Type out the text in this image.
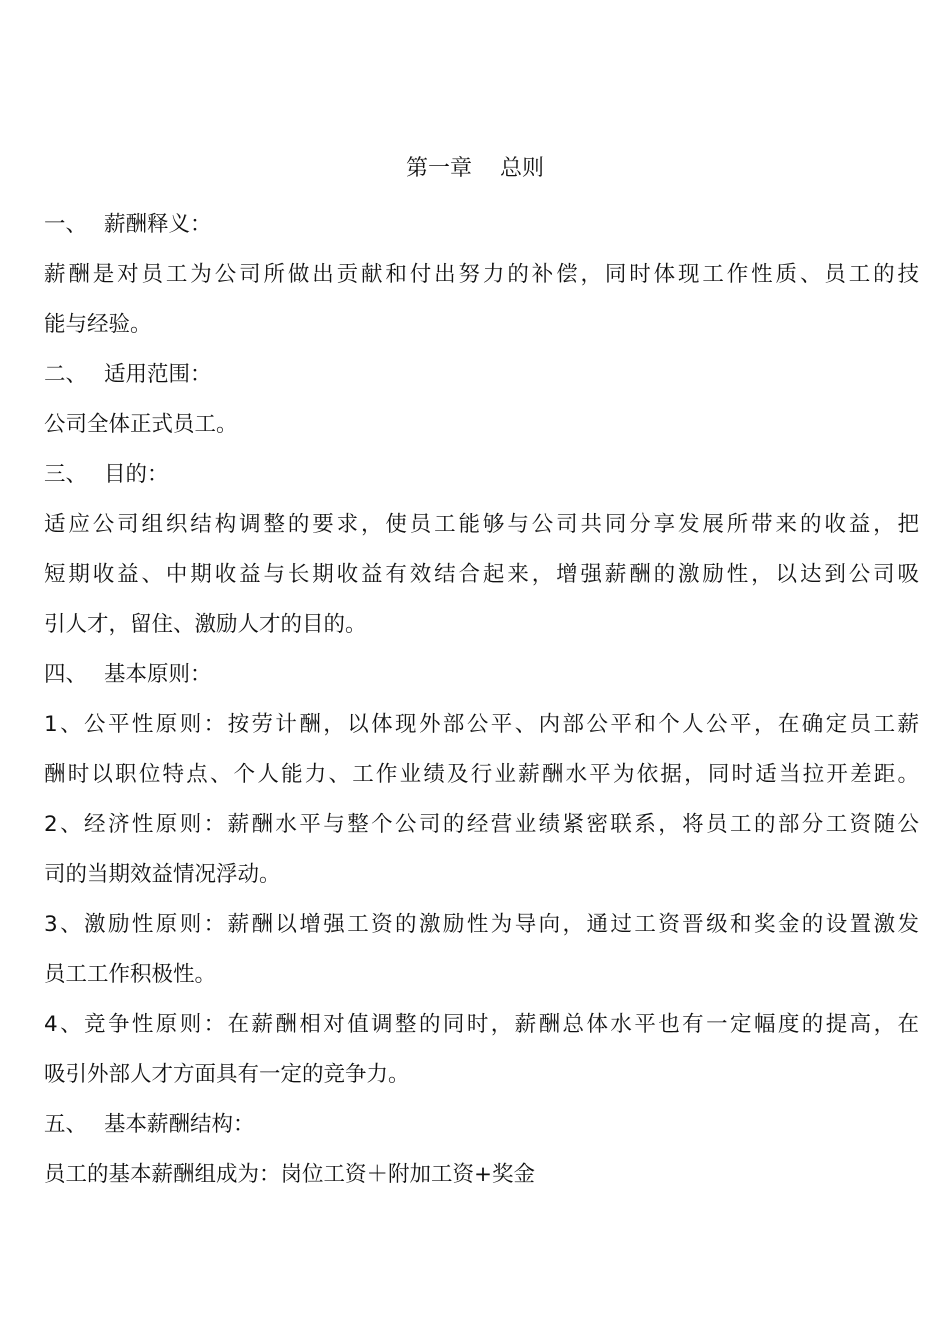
第一章    总则
一、 薪酬释义：
薪酬是对员工为公司所做出贡献和付出努力的补偿，同时体现工作性质、员工的技
能与经验。
二、 适用范围：
公司全体正式员工。
三、 目的：
适应公司组织结构调整的要求，使员工能够与公司共同分享发展所带来的收益，把
短期收益、中期收益与长期收益有效结合起来，增强薪酬的激励性，以达到公司吸
引人才，留住、激励人才的目的。
四、 基本原则：
1、公平性原则：按劳计酬，以体现外部公平、内部公平和个人公平，在确定员工薪
酬时以职位特点、个人能力、工作业绩及行业薪酬水平为依据，同时适当拉开差距。
2、经济性原则：薪酬水平与整个公司的经营业绩紧密联系，将员工的部分工资随公
司的当期效益情况浮动。
3、激励性原则：薪酬以增强工资的激励性为导向，通过工资晋级和奖金的设置激发
员工工作积极性。
4、竞争性原则：在薪酬相对值调整的同时，薪酬总体水平也有一定幅度的提高，在
吸引外部人才方面具有一定的竞争力。
五、 基本薪酬结构：
员工的基本薪酬组成为：岗位工资＋附加工资+奖金
